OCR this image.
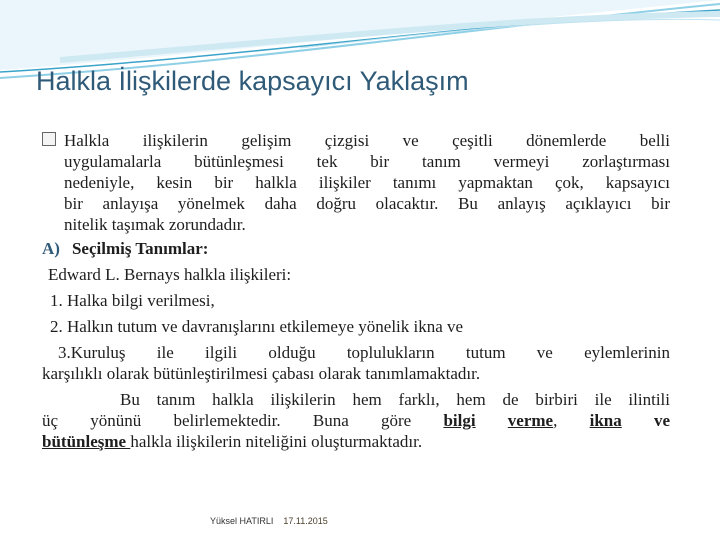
Halkla İlişkilerde kapsayıcı Yaklaşım
Halkla ilişkilerin gelişim çizgisi ve çeşitli dönemlerde belli
uygulamalarla bütünleşmesi tek bir tanım vermeyi zorlaştırması
nedeniyle, kesin bir halkla ilişkiler tanımı yapmaktan çok, kapsayıcı
bir anlayışa yönelmek daha doğru olacaktır. Bu anlayış açıklayıcı bir
nitelik taşımak zorundadır.
A) Seçilmiş Tanımlar:
Edward L. Bernays halkla ilişkileri:
1. Halka bilgi verilmesi,
2. Halkın tutum ve davranışlarını etkilemeye yönelik ikna ve
3.Kuruluş ile ilgili olduğu toplulukların tutum ve eylemlerinin
karşılıklı olarak bütünleştirilmesi çabası olarak tanımlamaktadır.
Bu tanım halkla ilişkilerin hem farklı, hem de birbiri ile ilintili
üç yönünü belirlemektedir. Buna göre bilgi verme, ikna ve
bütünleşme halkla ilişkilerin niteliğini oluşturmaktadır.
Yüksel HATIRLI 17.11.2015
